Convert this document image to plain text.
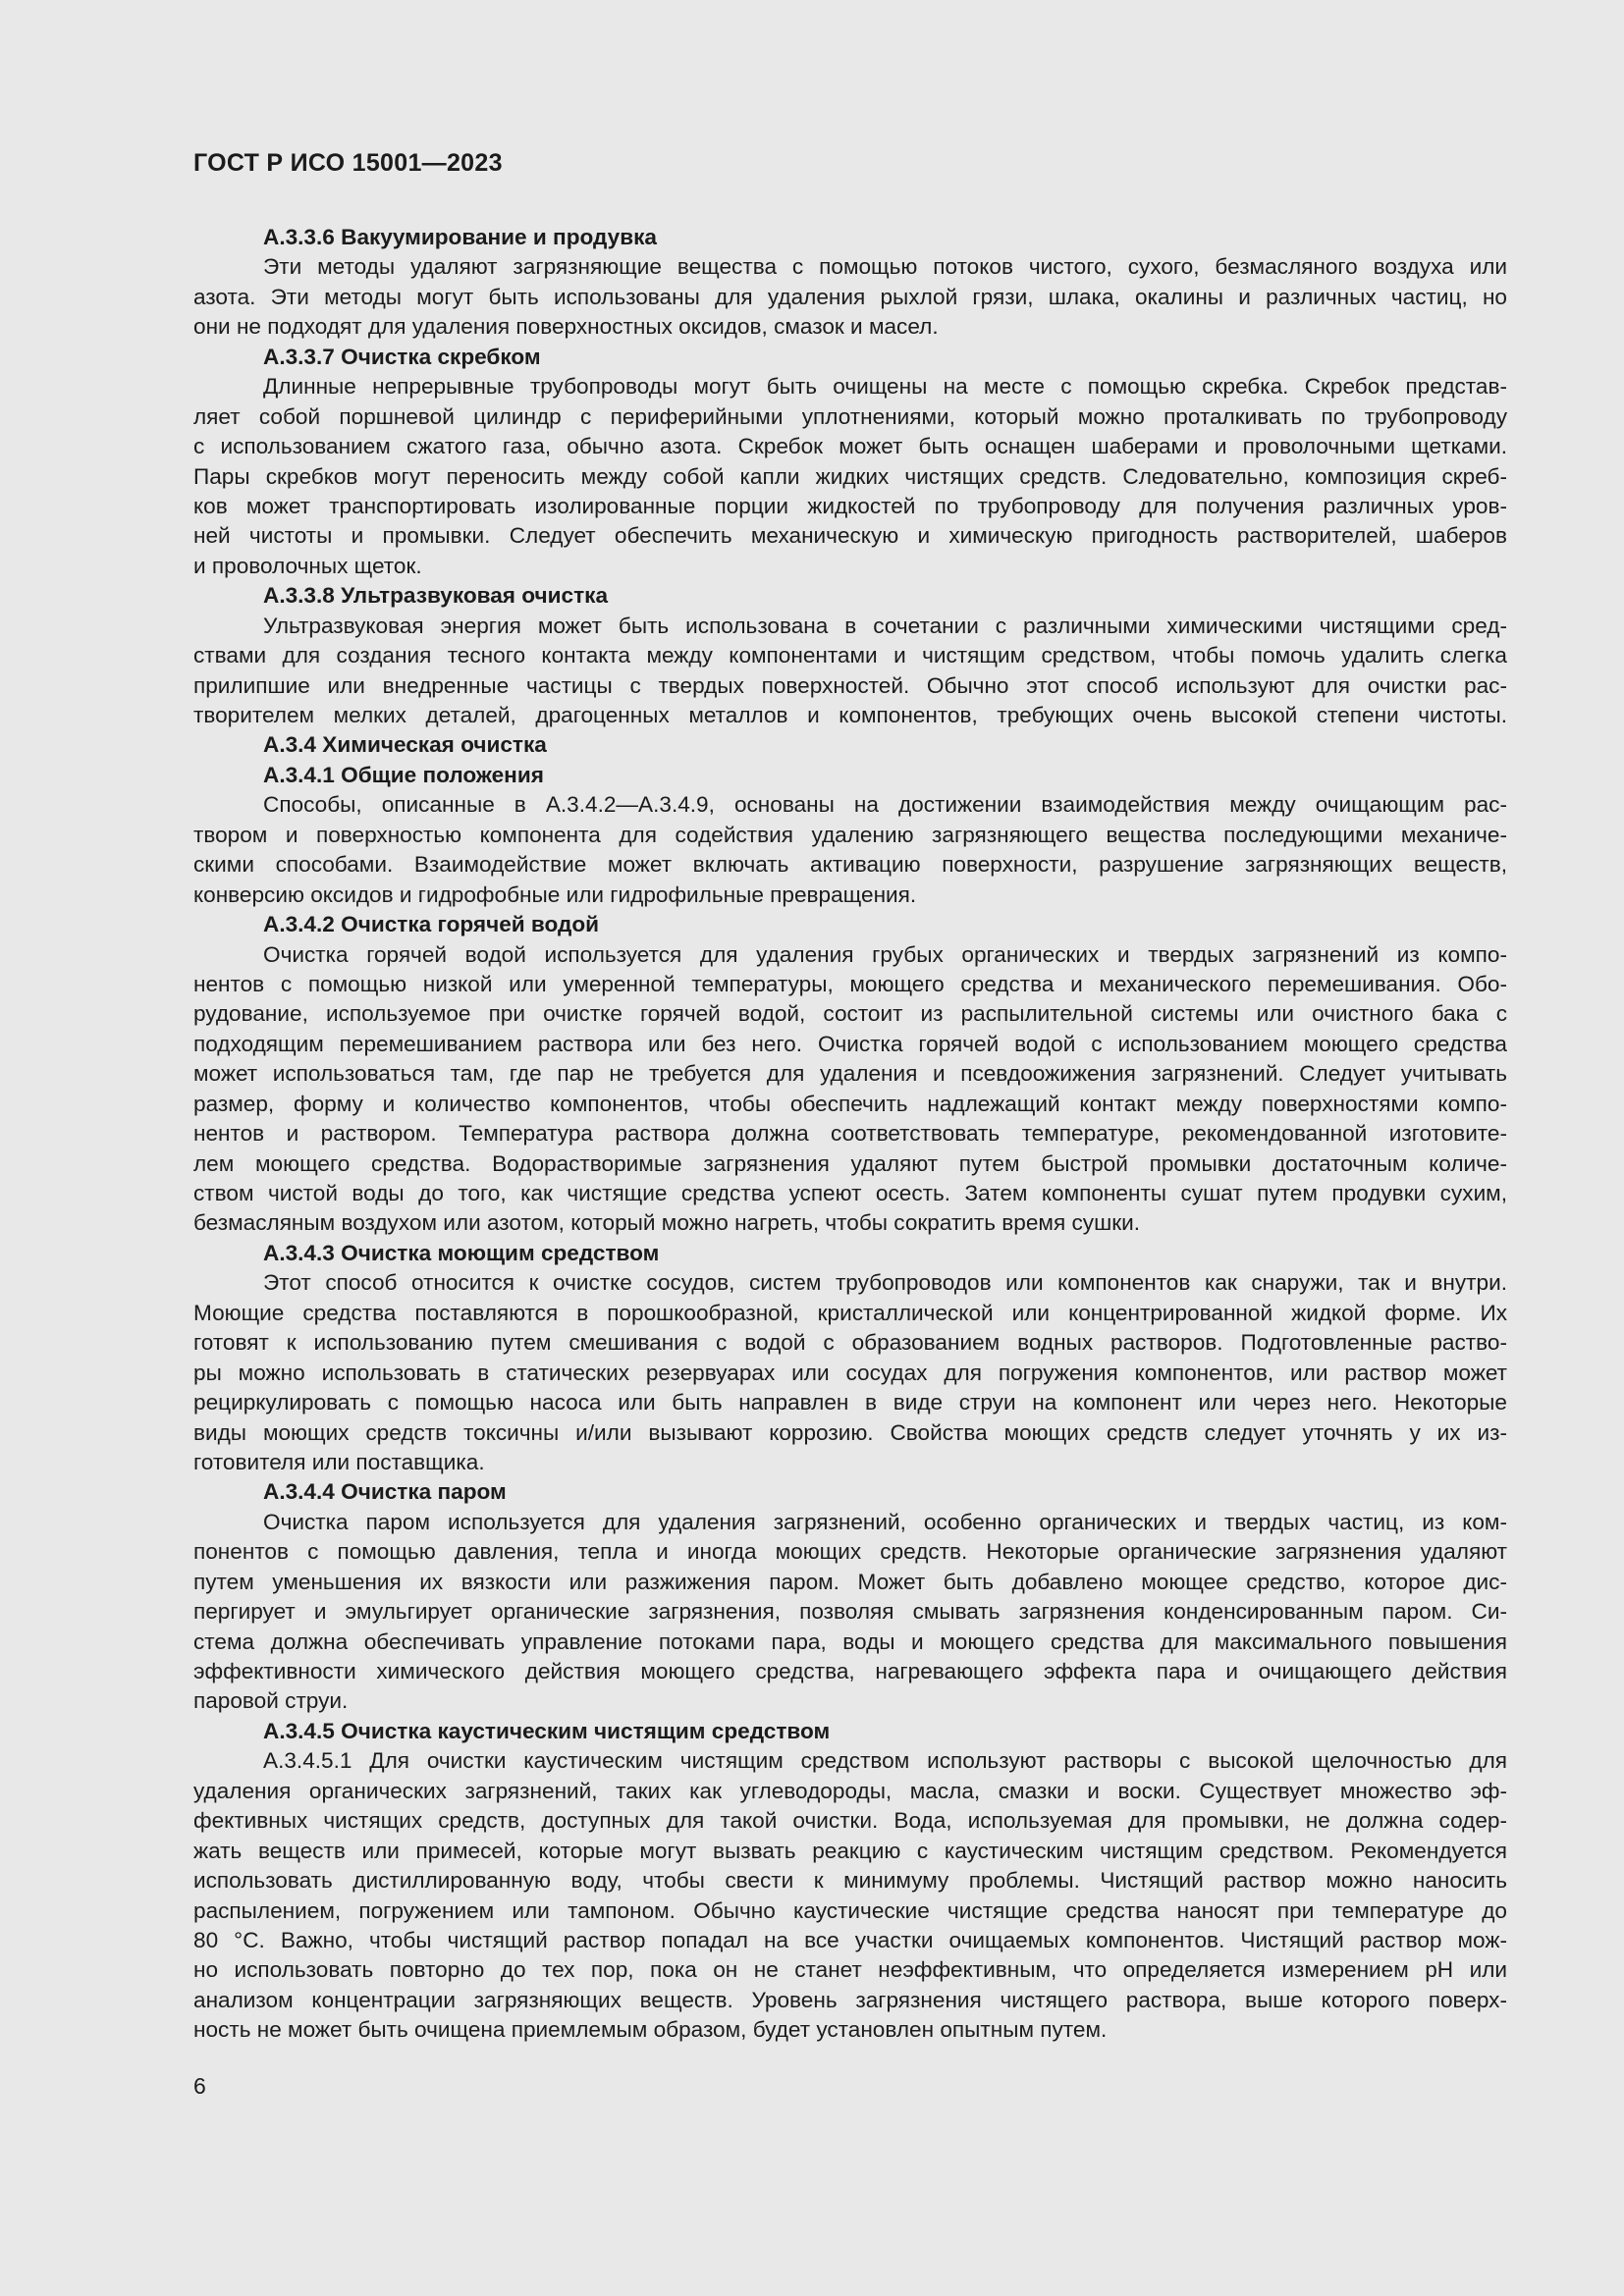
ГОСТ Р ИСО 15001—2023
А.3.3.6 Вакуумирование и продувка
Эти методы удаляют загрязняющие вещества с помощью потоков чистого, сухого, безмасляного воздуха или
азота. Эти методы могут быть использованы для удаления рыхлой грязи, шлака, окалины и различных частиц, но
они не подходят для удаления поверхностных оксидов, смазок и масел.
А.3.3.7 Очистка скребком
Длинные непрерывные трубопроводы могут быть очищены на месте с помощью скребка. Скребок представ-
ляет собой поршневой цилиндр с периферийными уплотнениями, который можно проталкивать по трубопроводу
с использованием сжатого газа, обычно азота. Скребок может быть оснащен шаберами и проволочными щетками.
Пары скребков могут переносить между собой капли жидких чистящих средств. Следовательно, композиция скреб-
ков может транспортировать изолированные порции жидкостей по трубопроводу для получения различных уров-
ней чистоты и промывки. Следует обеспечить механическую и химическую пригодность растворителей, шаберов
и проволочных щеток.
А.3.3.8 Ультразвуковая очистка
Ультразвуковая энергия может быть использована в сочетании с различными химическими чистящими сред-
ствами для создания тесного контакта между компонентами и чистящим средством, чтобы помочь удалить слегка
прилипшие или внедренные частицы с твердых поверхностей. Обычно этот способ используют для очистки рас-
творителем мелких деталей, драгоценных металлов и компонентов, требующих очень высокой степени чистоты.
А.3.4 Химическая очистка
А.3.4.1 Общие положения
Способы, описанные в А.3.4.2—А.3.4.9, основаны на достижении взаимодействия между очищающим рас-
твором и поверхностью компонента для содействия удалению загрязняющего вещества последующими механиче-
скими способами. Взаимодействие может включать активацию поверхности, разрушение загрязняющих веществ,
конверсию оксидов и гидрофобные или гидрофильные превращения.
А.3.4.2 Очистка горячей водой
Очистка горячей водой используется для удаления грубых органических и твердых загрязнений из компо-
нентов с помощью низкой или умеренной температуры, моющего средства и механического перемешивания. Обо-
рудование, используемое при очистке горячей водой, состоит из распылительной системы или очистного бака с
подходящим перемешиванием раствора или без него. Очистка горячей водой с использованием моющего средства
может использоваться там, где пар не требуется для удаления и псевдоожижения загрязнений. Следует учитывать
размер, форму и количество компонентов, чтобы обеспечить надлежащий контакт между поверхностями компо-
нентов и раствором. Температура раствора должна соответствовать температуре, рекомендованной изготовите-
лем моющего средства. Водорастворимые загрязнения удаляют путем быстрой промывки достаточным количе-
ством чистой воды до того, как чистящие средства успеют осесть. Затем компоненты сушат путем продувки сухим,
безмасляным воздухом или азотом, который можно нагреть, чтобы сократить время сушки.
А.3.4.3 Очистка моющим средством
Этот способ относится к очистке сосудов, систем трубопроводов или компонентов как снаружи, так и внутри.
Моющие средства поставляются в порошкообразной, кристаллической или концентрированной жидкой форме. Их
готовят к использованию путем смешивания с водой с образованием водных растворов. Подготовленные раство-
ры можно использовать в статических резервуарах или сосудах для погружения компонентов, или раствор может
рециркулировать с помощью насоса или быть направлен в виде струи на компонент или через него. Некоторые
виды моющих средств токсичны и/или вызывают коррозию. Свойства моющих средств следует уточнять у их из-
готовителя или поставщика.
А.3.4.4 Очистка паром
Очистка паром используется для удаления загрязнений, особенно органических и твердых частиц, из ком-
понентов с помощью давления, тепла и иногда моющих средств. Некоторые органические загрязнения удаляют
путем уменьшения их вязкости или разжижения паром. Может быть добавлено моющее средство, которое дис-
пергирует и эмульгирует органические загрязнения, позволяя смывать загрязнения конденсированным паром. Си-
стема должна обеспечивать управление потоками пара, воды и моющего средства для максимального повышения
эффективности химического действия моющего средства, нагревающего эффекта пара и очищающего действия
паровой струи.
А.3.4.5 Очистка каустическим чистящим средством
А.3.4.5.1 Для очистки каустическим чистящим средством используют растворы с высокой щелочностью для
удаления органических загрязнений, таких как углеводороды, масла, смазки и воски. Существует множество эф-
фективных чистящих средств, доступных для такой очистки. Вода, используемая для промывки, не должна содер-
жать веществ или примесей, которые могут вызвать реакцию с каустическим чистящим средством. Рекомендуется
использовать дистиллированную воду, чтобы свести к минимуму проблемы. Чистящий раствор можно наносить
распылением, погружением или тампоном. Обычно каустические чистящие средства наносят при температуре до
80 °C. Важно, чтобы чистящий раствор попадал на все участки очищаемых компонентов. Чистящий раствор мож-
но использовать повторно до тех пор, пока он не станет неэффективным, что определяется измерением pH или
анализом концентрации загрязняющих веществ. Уровень загрязнения чистящего раствора, выше которого поверх-
ность не может быть очищена приемлемым образом, будет установлен опытным путем.
6
